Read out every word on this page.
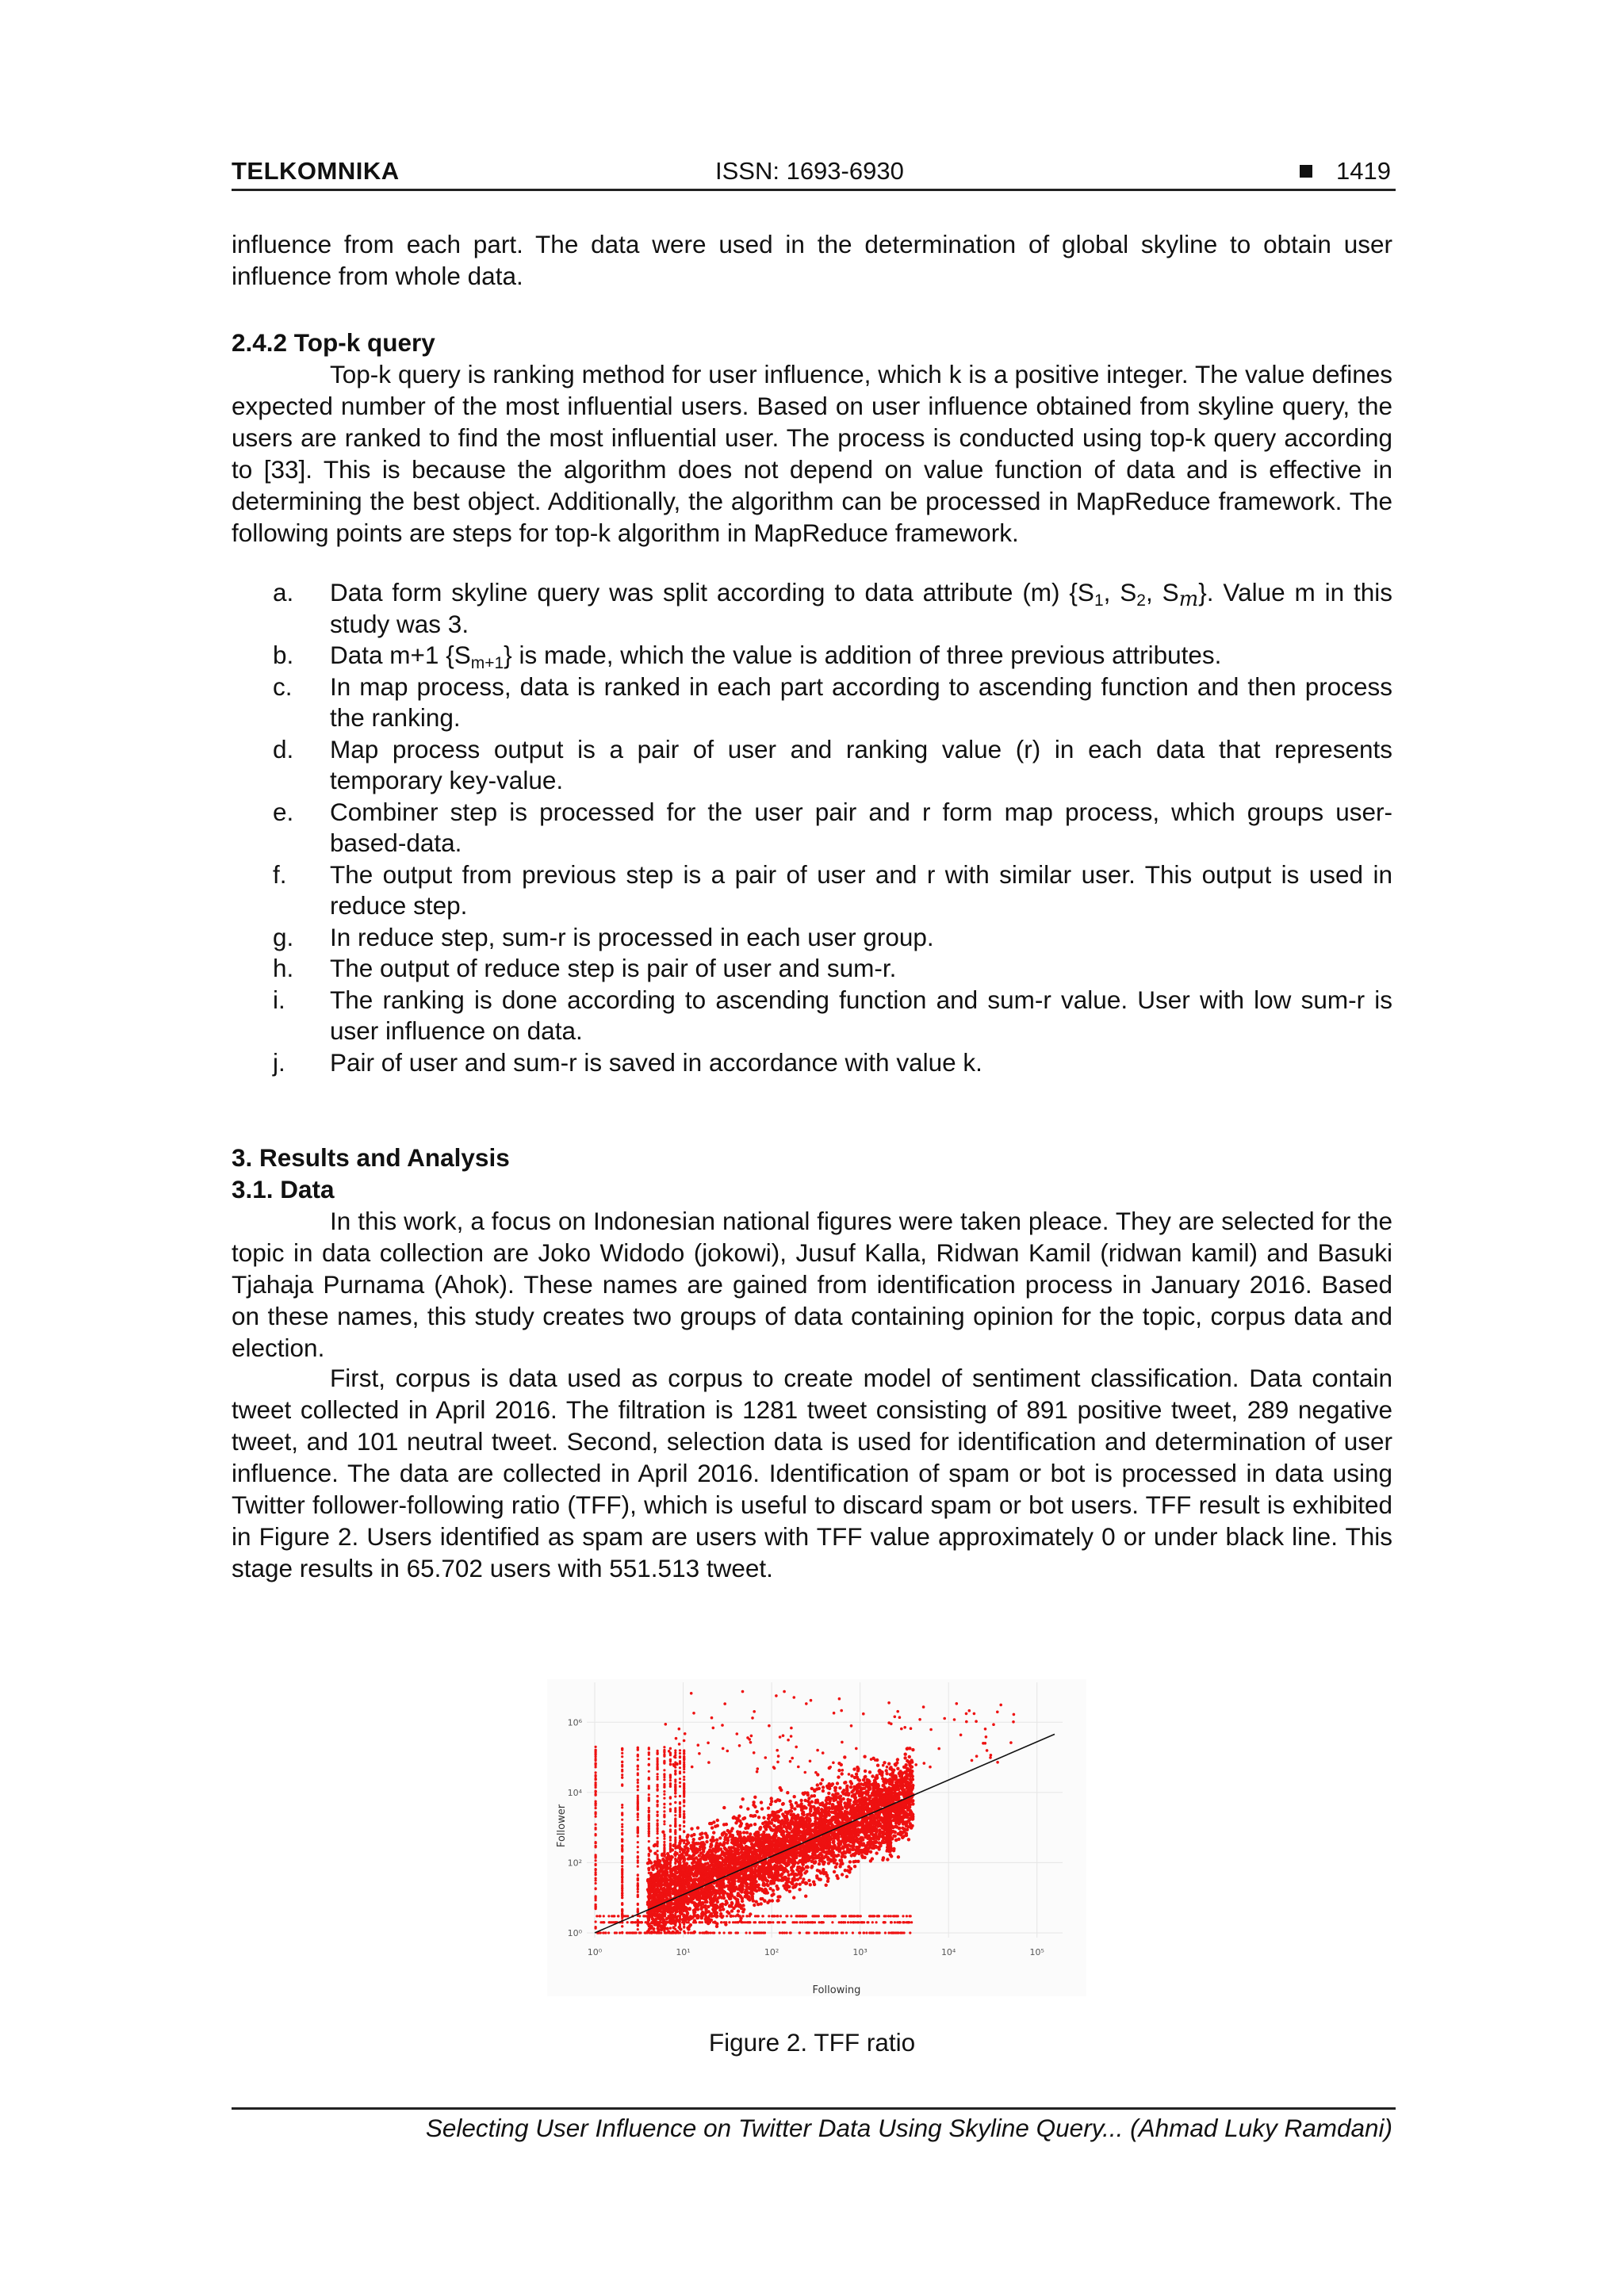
TELKOMNIKA	ISSN: 1693-6930	1419
influence from each part. The data were used in the determination of global skyline to obtain user influence from whole data.
2.4.2 Top-k query
Top-k query is ranking method for user influence, which k is a positive integer. The value defines expected number of the most influential users. Based on user influence obtained from skyline query, the users are ranked to find the most influential user. The process is conducted using top-k query according to [33]. This is because the algorithm does not depend on value function of data and is effective in determining the best object. Additionally, the algorithm can be processed in MapReduce framework. The following points are steps for top-k algorithm in MapReduce framework.
a. Data form skyline query was split according to data attribute (m) {$S_1$, $S_2$, $S_m$}. Value m in this study was 3.
b. Data m+1 $\{S_{m+1}\}$ is made, which the value is addition of three previous attributes.
c. In map process, data is ranked in each part according to ascending function and then process the ranking.
d. Map process output is a pair of user and ranking value (r) in each data that represents temporary key-value.
e. Combiner step is processed for the user pair and r form map process, which groups user-based-data.
f. The output from previous step is a pair of user and r with similar user. This output is used in reduce step.
g. In reduce step, sum-r is processed in each user group.
h. The output of reduce step is pair of user and sum-r.
i. The ranking is done according to ascending function and sum-r value. User with low sum-r is user influence on data.
j. Pair of user and sum-r is saved in accordance with value k.
3. Results and Analysis
3.1. Data
In this work, a focus on Indonesian national figures were taken pleace. They are selected for the topic in data collection are Joko Widodo (jokowi), Jusuf Kalla, Ridwan Kamil (ridwan kamil) and Basuki Tjahaja Purnama (Ahok). These names are gained from identification process in January 2016. Based on these names, this study creates two groups of data containing opinion for the topic, corpus data and election.
First, corpus is data used as corpus to create model of sentiment classification. Data contain tweet collected in April 2016. The filtration is 1281 tweet consisting of 891 positive tweet, 289 negative tweet, and 101 neutral tweet. Second, selection data is used for identification and determination of user influence. The data are collected in April 2016. Identification of spam or bot is processed in data using Twitter follower-following ratio (TFF), which is useful to discard spam or bot users. TFF result is exhibited in Figure 2. Users identified as spam are users with TFF value approximately 0 or under black line. This stage results in 65.702 users with 551.513 tweet.
10⁰	10¹	10²	10³	10⁴	10⁵
10⁰
10²
10⁴
10⁶
Following
Follower
Figure 2. TFF ratio
Selecting User Influence on Twitter Data Using Skyline Query... (Ahmad Luky Ramdani)
